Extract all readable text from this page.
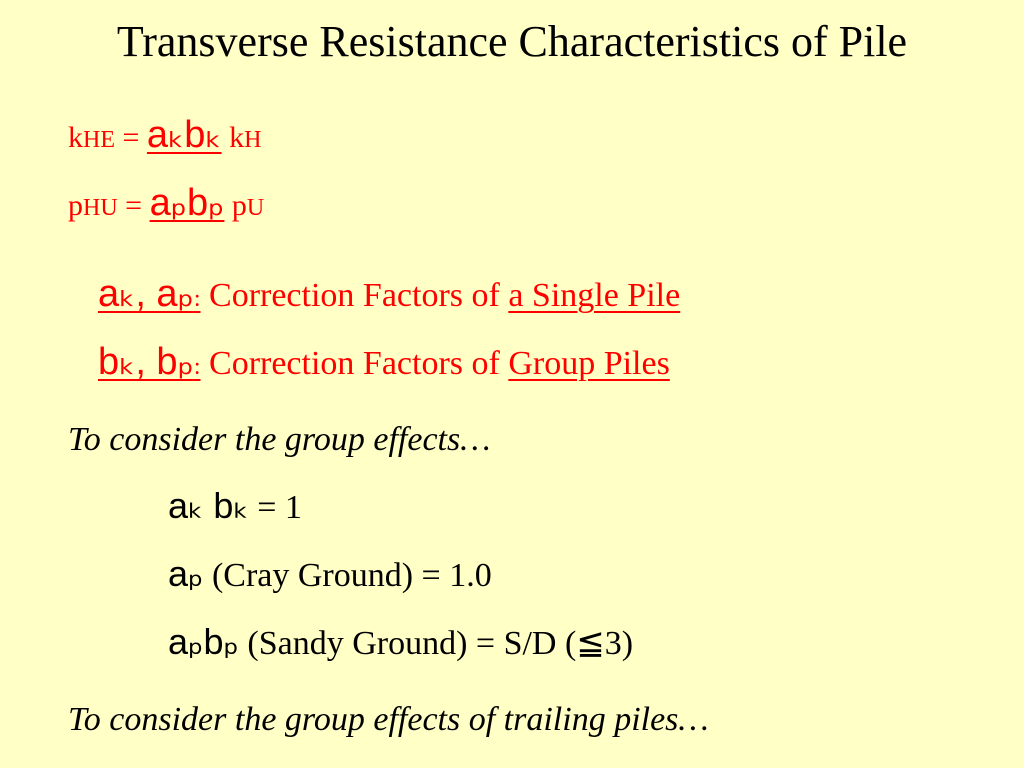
Transverse Resistance Characteristics of Pile
kHE = aₖbₖ kH
pHU = aₚbₚ pU
aₖ, aₚ: Correction Factors of a Single Pile
bₖ, bₚ: Correction Factors of Group Piles
To consider the group effects…
aₖ bₖ = 1
aₚ (Cray Ground) = 1.0
aₚbₚ (Sandy Ground) = S/D (≦3)
To consider the group effects of trailing piles…
